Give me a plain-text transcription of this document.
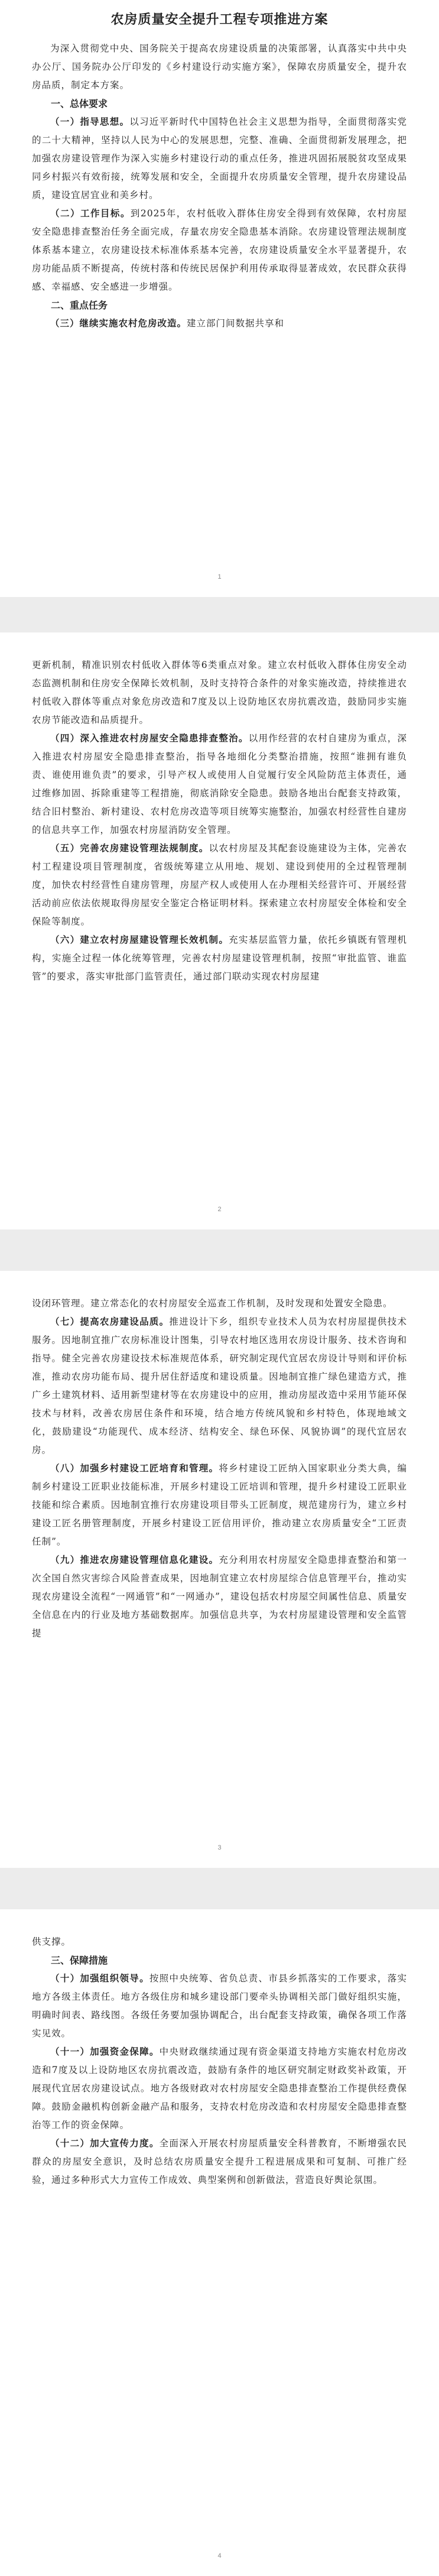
农房质量安全提升工程专项推进方案

为深入贯彻党中央、国务院关于提高农房建设质量的决策部署，认真落实中共中央办公厅、国务院办公厅印发的《乡村建设行动实施方案》，保障农房质量安全，提升农房品质，制定本方案。

一、总体要求

（一）指导思想。以习近平新时代中国特色社会主义思想为指导，全面贯彻落实党的二十大精神，坚持以人民为中心的发展思想，完整、准确、全面贯彻新发展理念，把加强农房建设管理作为深入实施乡村建设行动的重点任务，推进巩固拓展脱贫攻坚成果同乡村振兴有效衔接，统筹发展和安全，全面提升农房质量安全管理，提升农房建设品质，建设宜居宜业和美乡村。

（二）工作目标。到2025年，农村低收入群体住房安全得到有效保障，农村房屋安全隐患排查整治任务全面完成，存量农房安全隐患基本消除。农房建设管理法规制度体系基本建立，农房建设技术标准体系基本完善，农房建设质量安全水平显著提升，农房功能品质不断提高，传统村落和传统民居保护利用传承取得显著成效，农民群众获得感、幸福感、安全感进一步增强。

二、重点任务

（三）继续实施农村危房改造。建立部门间数据共享和

1

更新机制，精准识别农村低收入群体等6类重点对象。建立农村低收入群体住房安全动态监测机制和住房安全保障长效机制，及时支持符合条件的对象实施改造，持续推进农村低收入群体等重点对象危房改造和7度及以上设防地区农房抗震改造，鼓励同步实施农房节能改造和品质提升。

（四）深入推进农村房屋安全隐患排查整治。以用作经营的农村自建房为重点，深入推进农村房屋安全隐患排查整治，指导各地细化分类整治措施，按照“谁拥有谁负责、谁使用谁负责”的要求，引导产权人或使用人自觉履行安全风险防范主体责任，通过维修加固、拆除重建等工程措施，彻底消除安全隐患。鼓励各地出台配套支持政策，结合旧村整治、新村建设、农村危房改造等项目统筹实施整治，加强农村经营性自建房的信息共享工作，加强农村房屋消防安全管理。

（五）完善农房建设管理法规制度。以农村房屋及其配套设施建设为主体，完善农村工程建设项目管理制度，省级统筹建立从用地、规划、建设到使用的全过程管理制度，加快农村经营性自建房管理，房屋产权人或使用人在办理相关经营许可、开展经营活动前应依法依规取得房屋安全鉴定合格证明材料。探索建立农村房屋安全体检和安全保险等制度。

（六）建立农村房屋建设管理长效机制。充实基层监管力量，依托乡镇既有管理机构，实施全过程一体化统筹管理，完善农村房屋建设管理机制，按照“审批监管、谁监管”的要求，落实审批部门监管责任，通过部门联动实现农村房屋建

2

设闭环管理。建立常态化的农村房屋安全巡查工作机制，及时发现和处置安全隐患。

（七）提高农房建设品质。推进设计下乡，组织专业技术人员为农村房屋提供技术服务。因地制宜推广农房标准设计图集，引导农村地区选用农房设计服务、技术咨询和指导。健全完善农房建设技术标准规范体系，研究制定现代宜居农房设计导则和评价标准，推动农房功能布局、提升居住舒适度和建设质量。因地制宜推广绿色建造方式，推广乡土建筑材料、适用新型建材等在农房建设中的应用，推动房屋改造中采用节能环保技术与材料，改善农房居住条件和环境，结合地方传统风貌和乡村特色，体现地域文化，鼓励建设“功能现代、成本经济、结构安全、绿色环保、风貌协调”的现代宜居农房。

（八）加强乡村建设工匠培育和管理。将乡村建设工匠纳入国家职业分类大典，编制乡村建设工匠职业技能标准，开展乡村建设工匠培训和管理，提升乡村建设工匠职业技能和综合素质。因地制宜推行农房建设项目带头工匠制度，规范建房行为，建立乡村建设工匠名册管理制度，开展乡村建设工匠信用评价，推动建立农房质量安全“工匠责任制”。

（九）推进农房建设管理信息化建设。充分利用农村房屋安全隐患排查整治和第一次全国自然灾害综合风险普查成果，因地制宜建立农村房屋综合信息管理平台，推动实现农房建设全流程“一网通管”和“一网通办”，建设包括农村房屋空间属性信息、质量安全信息在内的行业及地方基础数据库。加强信息共享，为农村房屋建设管理和安全监管提

3

供支撑。

三、保障措施

（十）加强组织领导。按照中央统筹、省负总责、市县乡抓落实的工作要求，落实地方各级主体责任。地方各级住房和城乡建设部门要牵头协调相关部门做好组织实施，明确时间表、路线图。各级任务要加强协调配合，出台配套支持政策，确保各项工作落实见效。

（十一）加强资金保障。中央财政继续通过现有资金渠道支持地方实施农村危房改造和7度及以上设防地区农房抗震改造，鼓励有条件的地区研究制定财政奖补政策，开展现代宜居农房建设试点。地方各级财政对农村房屋安全隐患排查整治工作提供经费保障。鼓励金融机构创新金融产品和服务，支持农村危房改造和农村房屋安全隐患排查整治等工作的资金保障。

（十二）加大宣传力度。全面深入开展农村房屋质量安全科普教育，不断增强农民群众的房屋安全意识，及时总结农房质量安全提升工程进展成果和可复制、可推广经验，通过多种形式大力宣传工作成效、典型案例和创新做法，营造良好舆论氛围。

4
